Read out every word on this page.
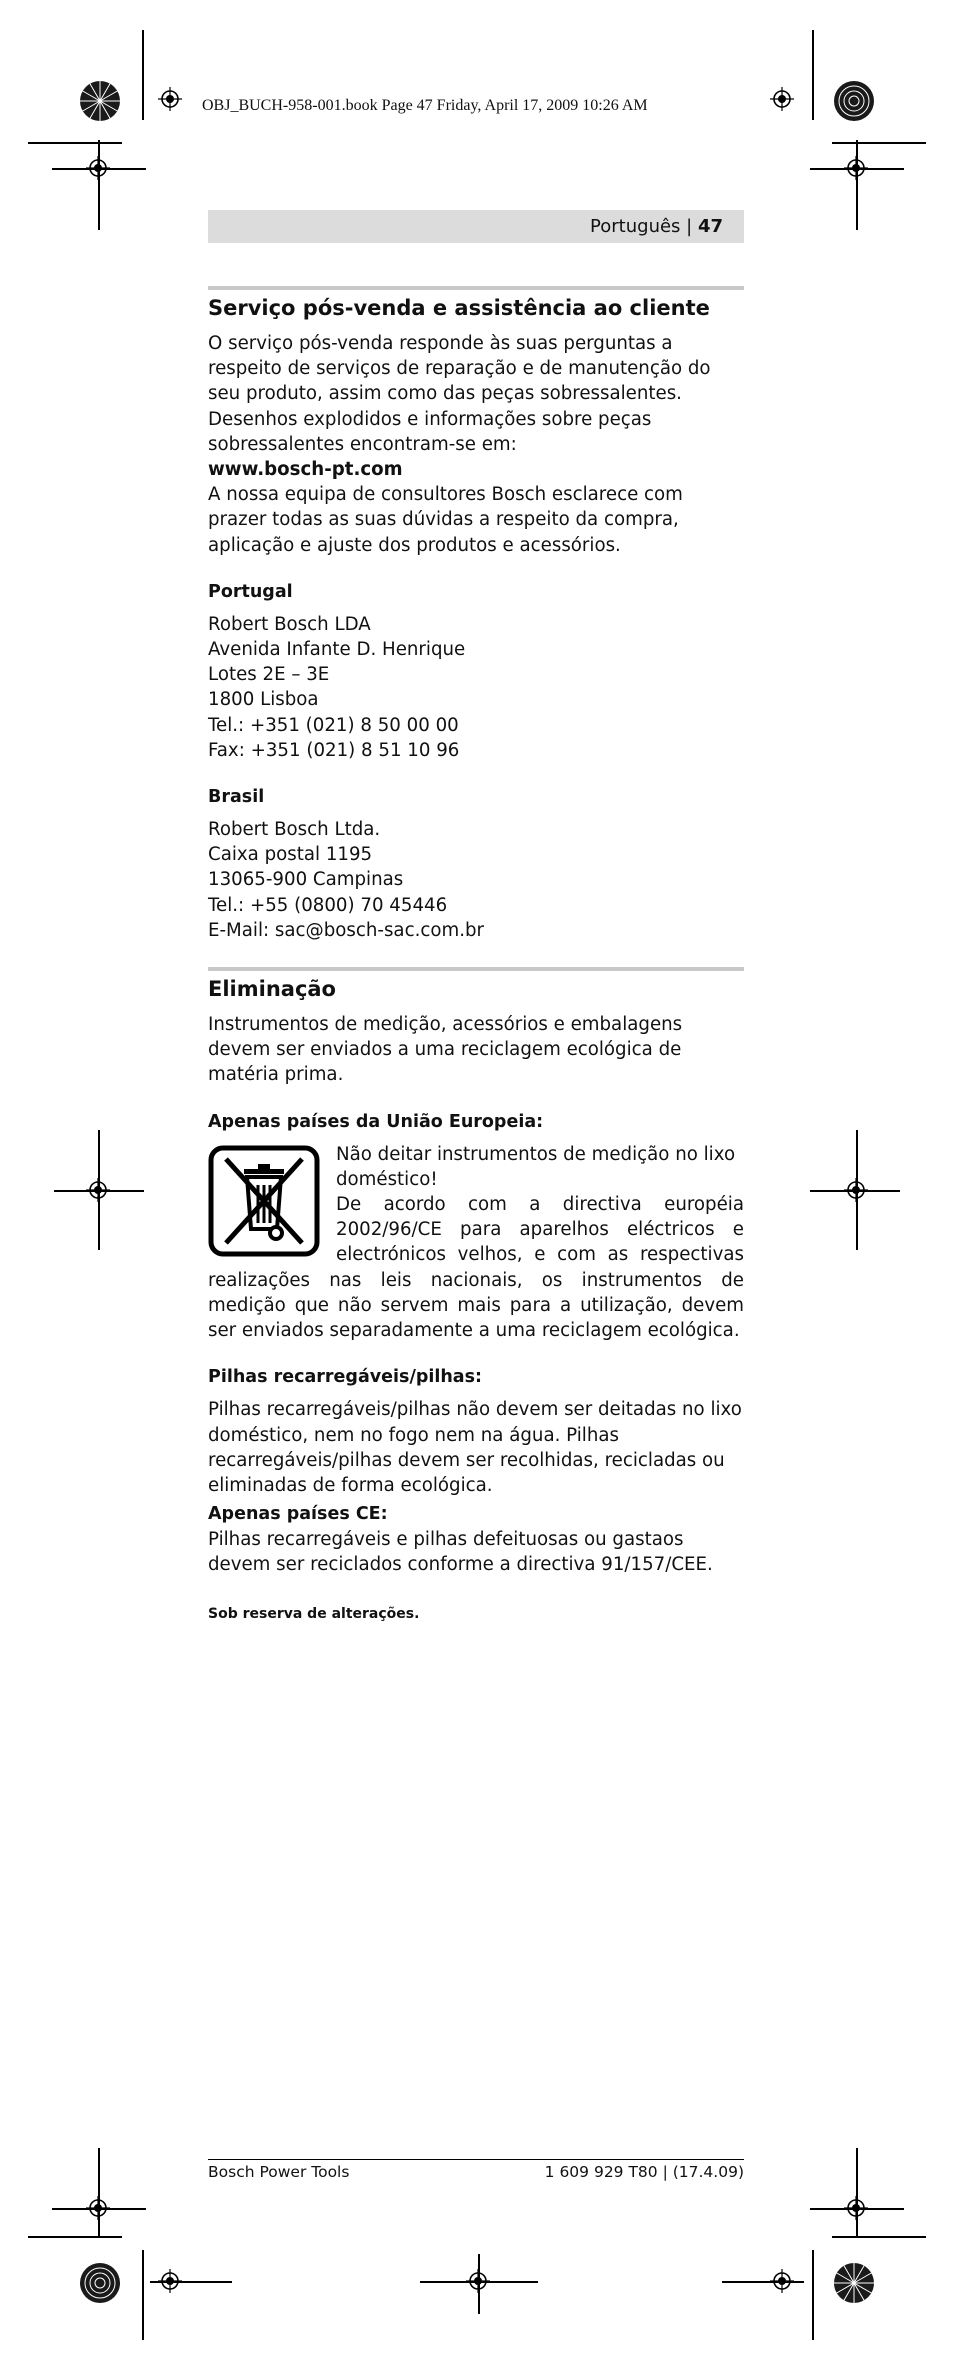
OBJ_BUCH-958-001.book Page 47 Friday, April 17, 2009 10:26 AM
Português | 47
Serviço pós-venda e assistência ao cliente

O serviço pós-venda responde às suas perguntas a respeito de serviços de reparação e de manutenção do seu produto, assim como das peças sobressalentes. Desenhos explodidos e informações sobre peças sobressalentes encontram-se em:

www.bosch-pt.com

A nossa equipa de consultores Bosch esclarece com prazer todas as suas dúvidas a respeito da compra, aplicação e ajuste dos produtos e acessórios.

Portugal

Robert Bosch LDA

Avenida Infante D. Henrique

Lotes 2E – 3E

1800 Lisboa

Tel.: +351 (021) 8 50 00 00

Fax: +351 (021) 8 51 10 96

Brasil

Robert Bosch Ltda.

Caixa postal 1195

13065-900 Campinas

Tel.: +55 (0800) 70 45446

E-Mail: sac@bosch-sac.com.br

Eliminação

Instrumentos de medição, acessórios e embalagens devem ser enviados a uma reciclagem ecológica de matéria prima.

Apenas países da União Europeia:

Não deitar instrumentos de medição no lixo doméstico!

De acordo com a directiva européia 2002/96/CE para aparelhos eléctricos e electrónicos velhos, e com as respectivas realizações nas leis nacionais, os instrumentos de medição que não servem mais para a utilização, devem ser enviados separadamente a uma reciclagem ecológica.

Pilhas recarregáveis/pilhas:

Pilhas recarregáveis/pilhas não devem ser deitadas no lixo doméstico, nem no fogo nem na água. Pilhas recarregáveis/pilhas devem ser recolhidas, recicladas ou eliminadas de forma ecológica.

Apenas países CE:

Pilhas recarregáveis e pilhas defeituosas ou gastaos devem ser reciclados conforme a directiva 91/157/CEE.

Sob reserva de alterações.

Bosch Power Tools	1 609 929 T80 | (17.4.09)
